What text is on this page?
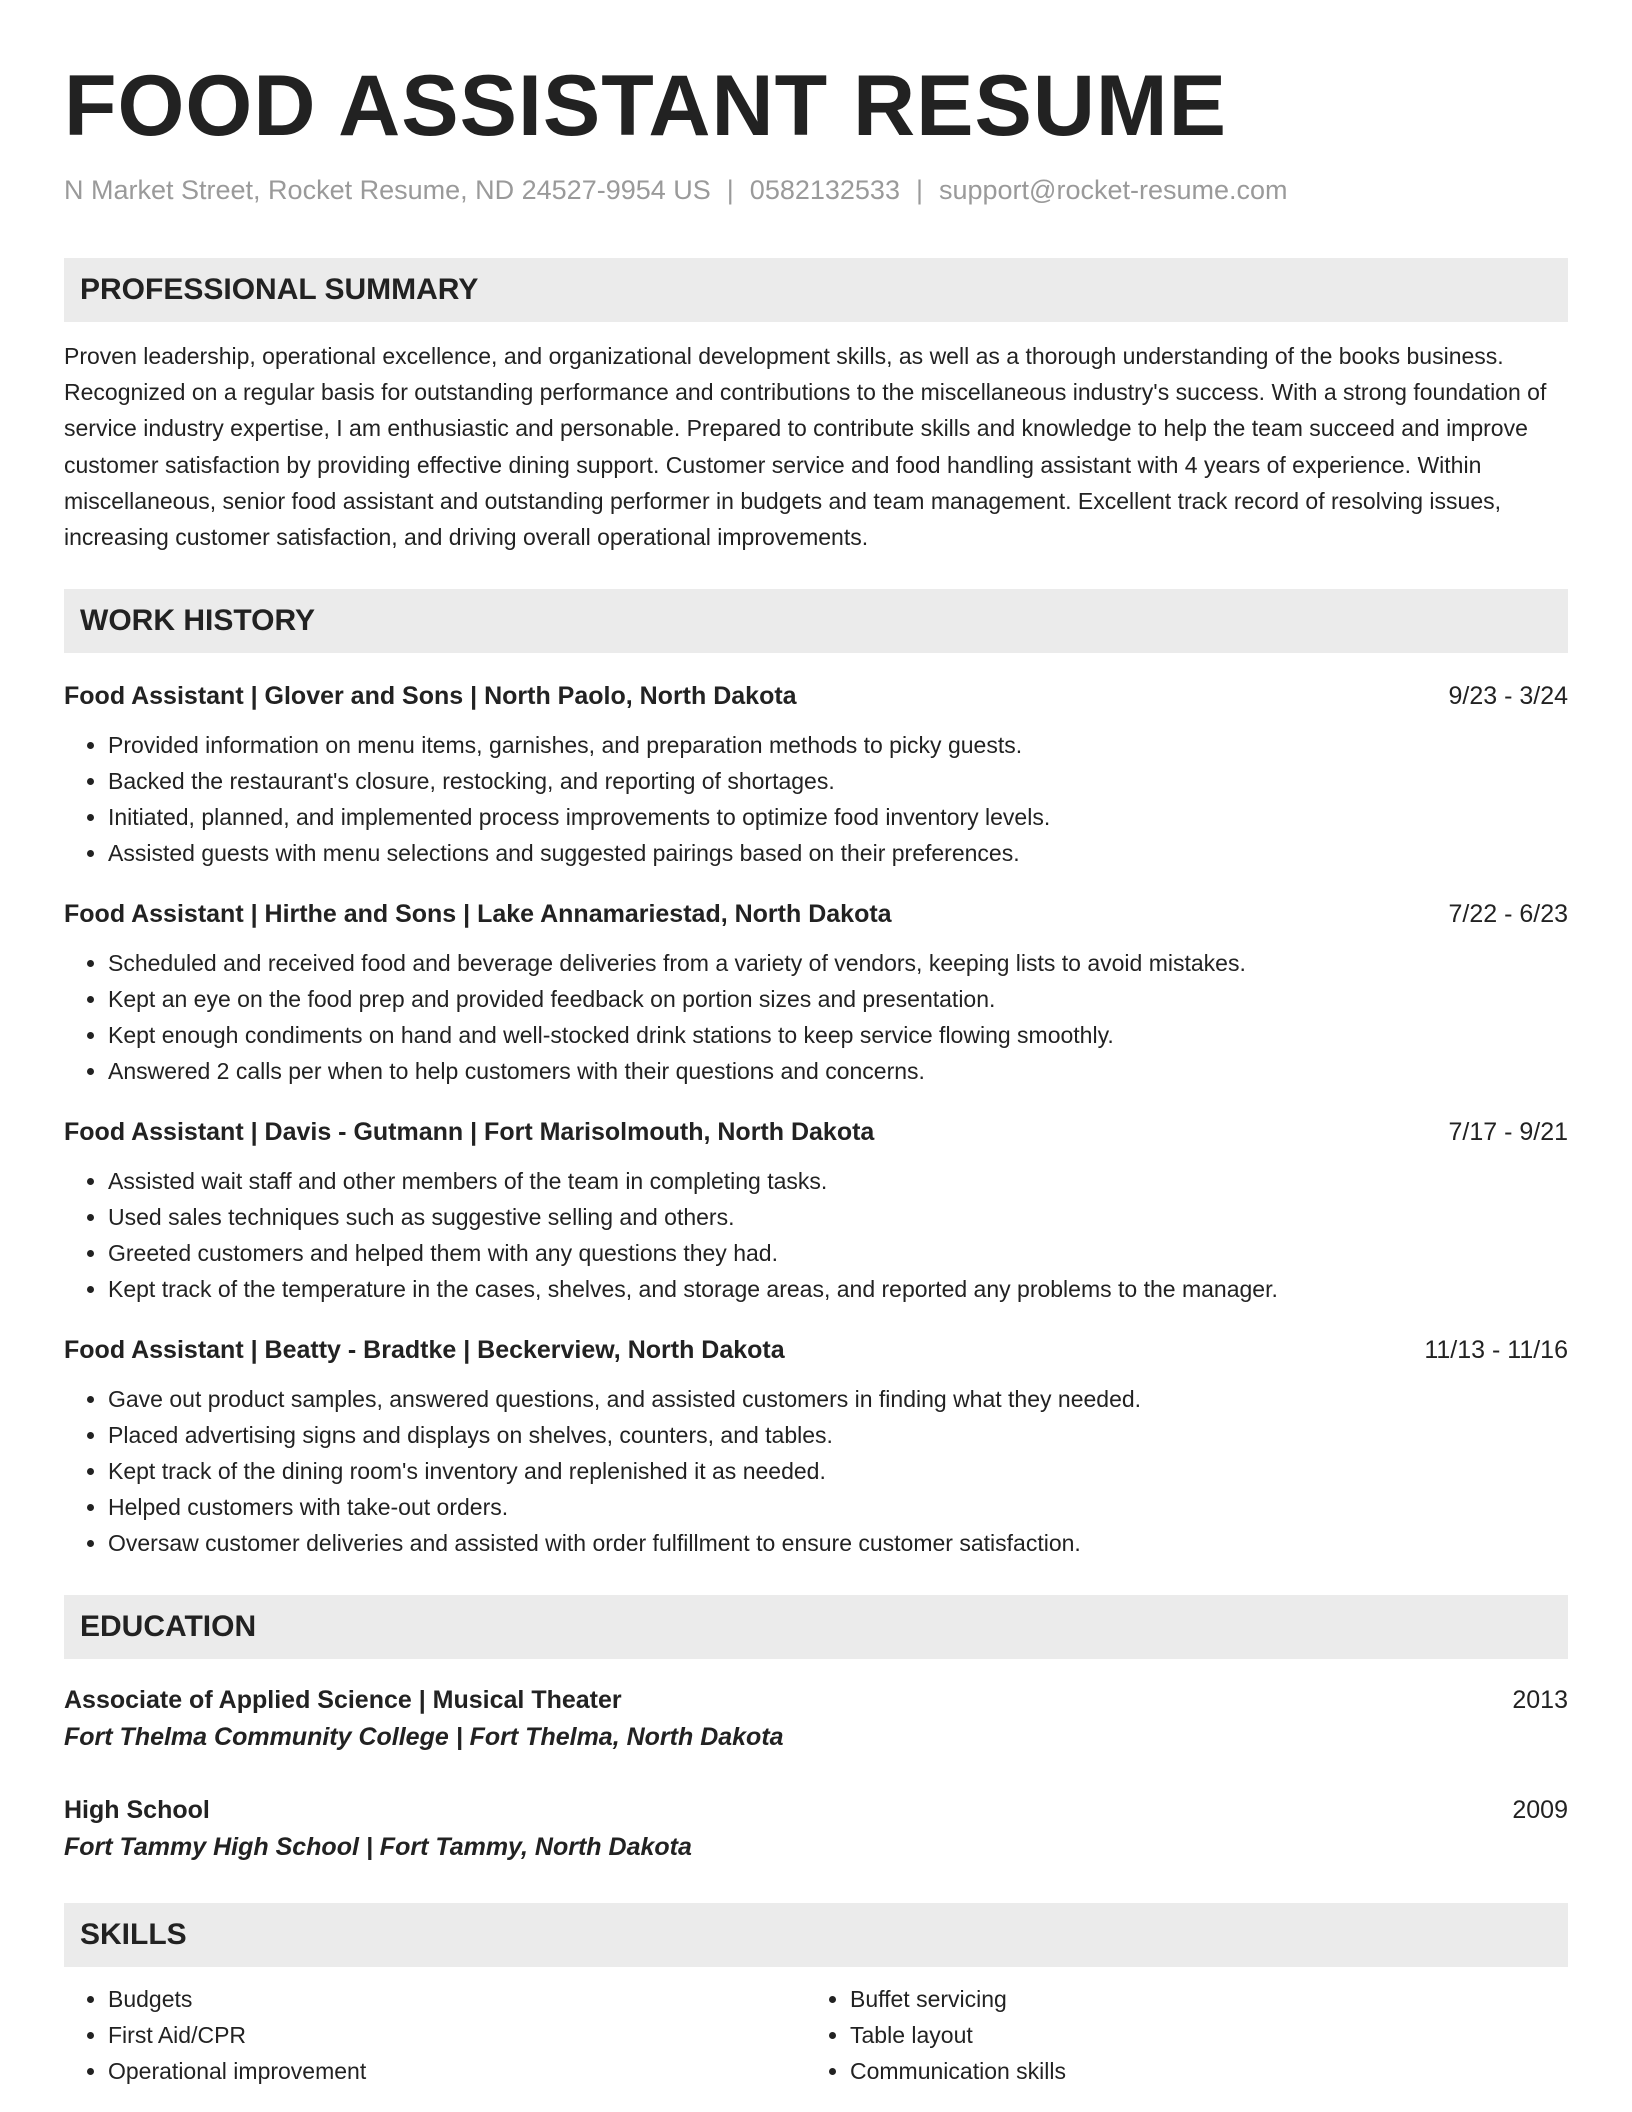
FOOD ASSISTANT RESUME
N Market Street, Rocket Resume, ND 24527-9954 US | 0582132533 | support@rocket-resume.com
PROFESSIONAL SUMMARY
Proven leadership, operational excellence, and organizational development skills, as well as a thorough understanding of the books business. Recognized on a regular basis for outstanding performance and contributions to the miscellaneous industry's success. With a strong foundation of service industry expertise, I am enthusiastic and personable. Prepared to contribute skills and knowledge to help the team succeed and improve customer satisfaction by providing effective dining support. Customer service and food handling assistant with 4 years of experience. Within miscellaneous, senior food assistant and outstanding performer in budgets and team management. Excellent track record of resolving issues, increasing customer satisfaction, and driving overall operational improvements.
WORK HISTORY
Food Assistant | Glover and Sons | North Paolo, North Dakota	9/23 - 3/24
• Provided information on menu items, garnishes, and preparation methods to picky guests.
• Backed the restaurant's closure, restocking, and reporting of shortages.
• Initiated, planned, and implemented process improvements to optimize food inventory levels.
• Assisted guests with menu selections and suggested pairings based on their preferences.
Food Assistant | Hirthe and Sons | Lake Annamariestad, North Dakota	7/22 - 6/23
• Scheduled and received food and beverage deliveries from a variety of vendors, keeping lists to avoid mistakes.
• Kept an eye on the food prep and provided feedback on portion sizes and presentation.
• Kept enough condiments on hand and well-stocked drink stations to keep service flowing smoothly.
• Answered 2 calls per when to help customers with their questions and concerns.
Food Assistant | Davis - Gutmann | Fort Marisolmouth, North Dakota	7/17 - 9/21
• Assisted wait staff and other members of the team in completing tasks.
• Used sales techniques such as suggestive selling and others.
• Greeted customers and helped them with any questions they had.
• Kept track of the temperature in the cases, shelves, and storage areas, and reported any problems to the manager.
Food Assistant | Beatty - Bradtke | Beckerview, North Dakota	11/13 - 11/16
• Gave out product samples, answered questions, and assisted customers in finding what they needed.
• Placed advertising signs and displays on shelves, counters, and tables.
• Kept track of the dining room's inventory and replenished it as needed.
• Helped customers with take-out orders.
• Oversaw customer deliveries and assisted with order fulfillment to ensure customer satisfaction.
EDUCATION
Associate of Applied Science | Musical Theater	2013
Fort Thelma Community College | Fort Thelma, North Dakota
High School	2009
Fort Tammy High School | Fort Tammy, North Dakota
SKILLS
• Budgets
• First Aid/CPR
• Operational improvement
• Buffet servicing
• Table layout
• Communication skills
